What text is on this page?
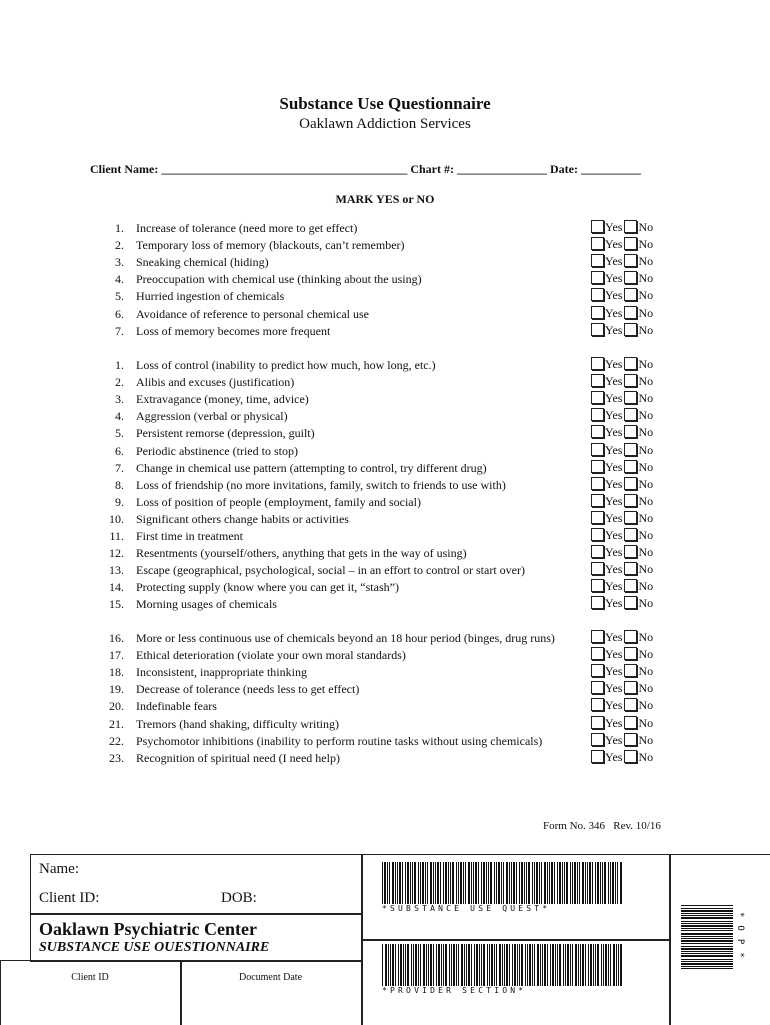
Substance Use Questionnaire
Oaklawn Addiction Services
Client Name: _________________________________________ Chart #: _______________ Date: __________
MARK YES or NO
1. Increase of tolerance (need more to get effect)	Yes No
2. Temporary loss of memory (blackouts, can’t remember)	Yes No
3. Sneaking chemical (hiding)	Yes No
4. Preoccupation with chemical use (thinking about the using)	Yes No
5. Hurried ingestion of chemicals	Yes No
6. Avoidance of reference to personal chemical use	Yes No
7. Loss of memory becomes more frequent	Yes No
1. Loss of control (inability to predict how much, how long, etc.)	Yes No
2. Alibis and excuses (justification)	Yes No
3. Extravagance (money, time, advice)	Yes No
4. Aggression (verbal or physical)	Yes No
5. Persistent remorse (depression, guilt)	Yes No
6. Periodic abstinence (tried to stop)	Yes No
7. Change in chemical use pattern (attempting to control, try different drug)	Yes No
8. Loss of friendship (no more invitations, family, switch to friends to use with)	Yes No
9. Loss of position of people (employment, family and social)	Yes No
10. Significant others change habits or activities	Yes No
11. First time in treatment	Yes No
12. Resentments (yourself/others, anything that gets in the way of using)	Yes No
13. Escape (geographical, psychological, social – in an effort to control or start over)	Yes No
14. Protecting supply (know where you can get it, “stash”)	Yes No
15. Morning usages of chemicals	Yes No
16. More or less continuous use of chemicals beyond an 18 hour period (binges, drug runs)	Yes No
17. Ethical deterioration (violate your own moral standards)	Yes No
18. Inconsistent, inappropriate thinking	Yes No
19. Decrease of tolerance (needs less to get effect)	Yes No
20. Indefinable fears	Yes No
21. Tremors (hand shaking, difficulty writing)	Yes No
22. Psychomotor inhibitions (inability to perform routine tasks without using chemicals)	Yes No
23. Recognition of spiritual need (I need help)	Yes No
Form No. 346   Rev. 10/16
Name:
Client ID:	DOB:
Oaklawn Psychiatric Center
SUBSTANCE USE OUESTIONNAIRE
Client ID	Document Date
*SUBSTANCE USE QUEST*
*PROVIDER SECTION*
*OP*
